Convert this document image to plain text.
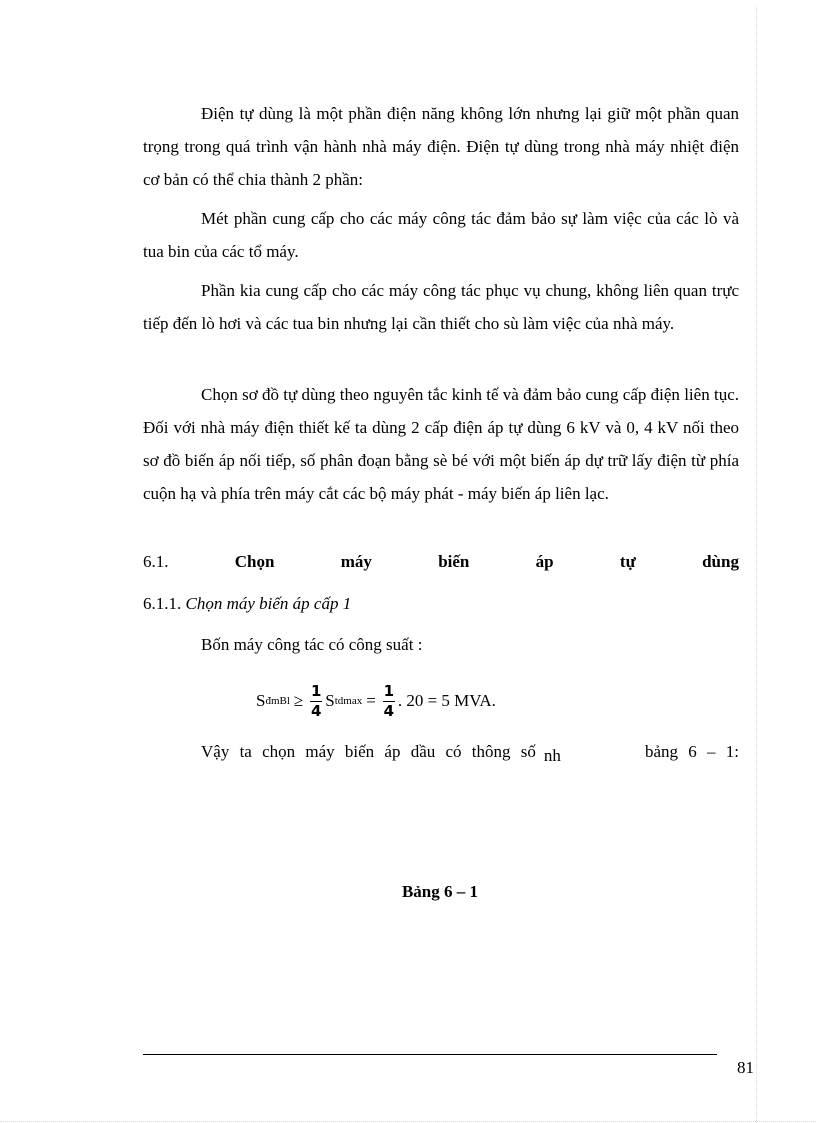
Điện tự dùng là một phần điện năng không lớn nhưng lại giữ một phần quan trọng trong quá trình vận hành nhà máy điện. Điện tự dùng trong nhà máy nhiệt điện cơ bản có thể chia thành 2 phần:

Mét phần cung cấp cho các máy công tác đảm bảo sự làm việc của các lò và tua bin của các tổ máy.

Phần kia cung cấp cho các máy công tác phục vụ chung, không liên quan trực tiếp đến lò hơi và các tua bin nhưng lại cần thiết cho sù làm việc của nhà máy.

Chọn sơ đồ tự dùng theo nguyên tắc kinh tế và đảm bảo cung cấp điện liên tục. Đối với nhà máy điện thiết kế ta dùng 2 cấp điện áp tự dùng 6 kV và 0, 4 kV nối theo sơ đồ biến áp nối tiếp, số phân đoạn bằng sè bé với một biến áp dự trữ lấy điện từ phía cuộn hạ và phía trên máy cắt các bộ máy phát - máy biến áp liên lạc.

6.1.	Chọn	máy	biến	áp	tự	dùng
6.1.1. Chọn máy biến áp cấp 1
Bốn máy công tác có công suất :
S đmBl ≥ $\frac{1}{4}$ S $tdmax = \frac{1}{4}$ . 20 = 5 MVA.
Vậy ta chọn máy biến áp dầu có thông số nh	bảng 6 – 1:
Bảng 6 – 1
81
